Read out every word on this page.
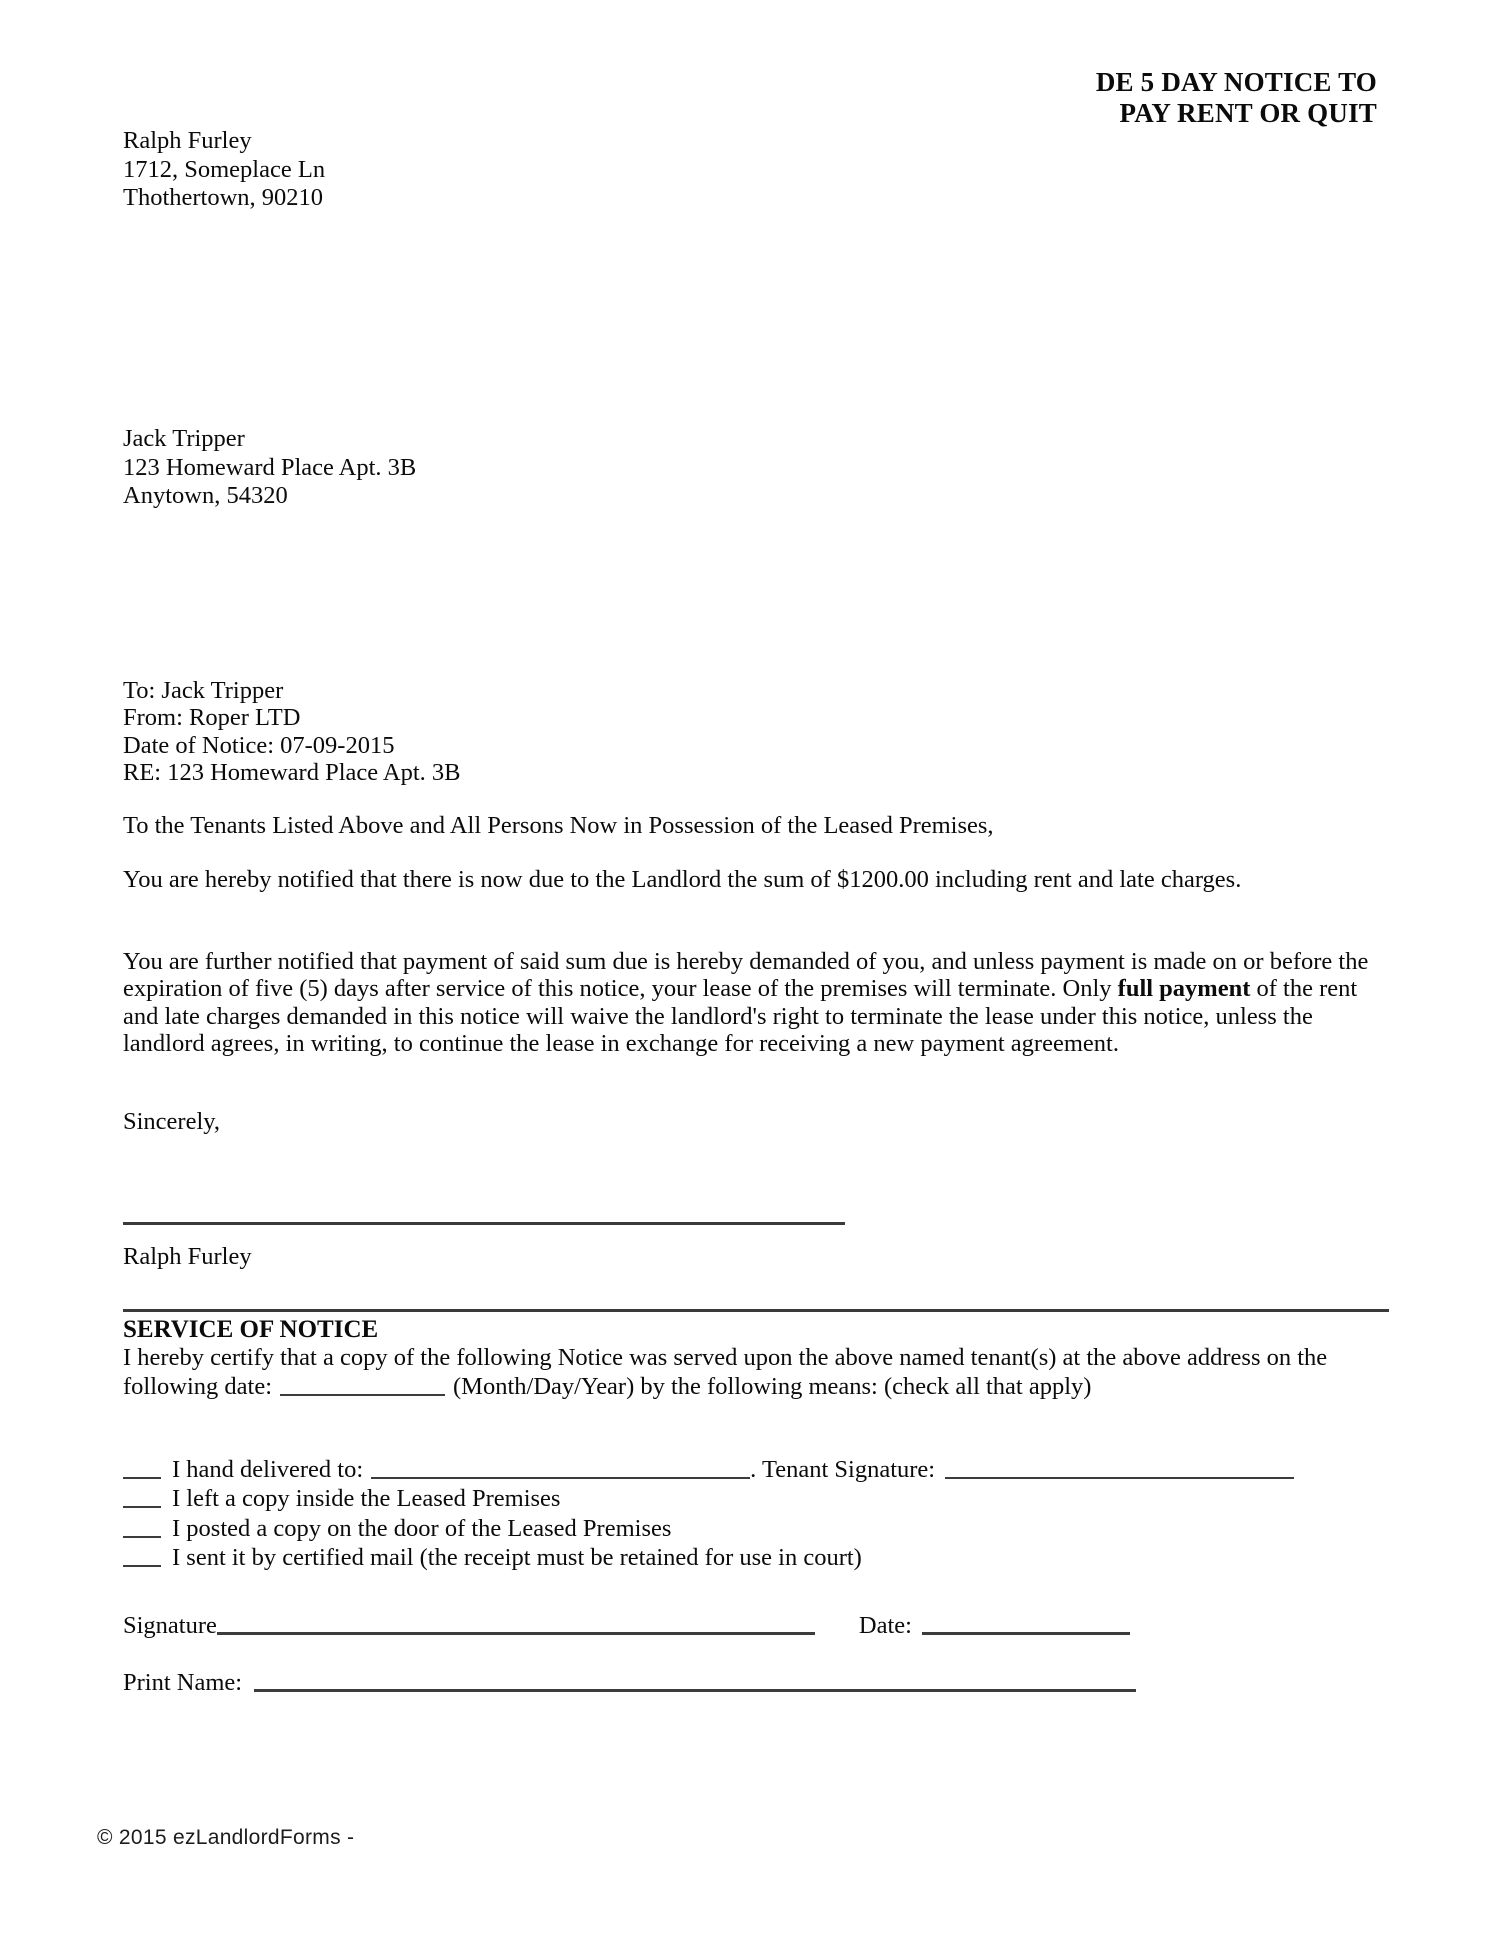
DE 5 DAY NOTICE TO
PAY RENT OR QUIT
Ralph Furley
1712, Someplace Ln
Thothertown, 90210
Jack Tripper
123 Homeward Place Apt. 3B
Anytown, 54320
To: Jack Tripper
From: Roper LTD
Date of Notice: 07-09-2015
RE: 123 Homeward Place Apt. 3B
To the Tenants Listed Above and All Persons Now in Possession of the Leased Premises,
You are hereby notified that there is now due to the Landlord the sum of $1200.00 including rent and late charges.
You are further notified that payment of said sum due is hereby demanded of you, and unless payment is made on or before the expiration of five (5) days after service of this notice, your lease of the premises will terminate. Only full payment of the rent and late charges demanded in this notice will waive the landlord's right to terminate the lease under this notice, unless the landlord agrees, in writing, to continue the lease in exchange for receiving a new payment agreement.
Sincerely,
Ralph Furley
SERVICE OF NOTICE
I hereby certify that a copy of the following Notice was served upon the above named tenant(s) at the above address on the following date:	(Month/Day/Year) by the following means: (check all that apply)
I hand delivered to:	. Tenant Signature:
I left a copy inside the Leased Premises
I posted a copy on the door of the Leased Premises
I sent it by certified mail (the receipt must be retained for use in court)
Signature	Date:
Print Name:
© 2015 ezLandlordForms -
